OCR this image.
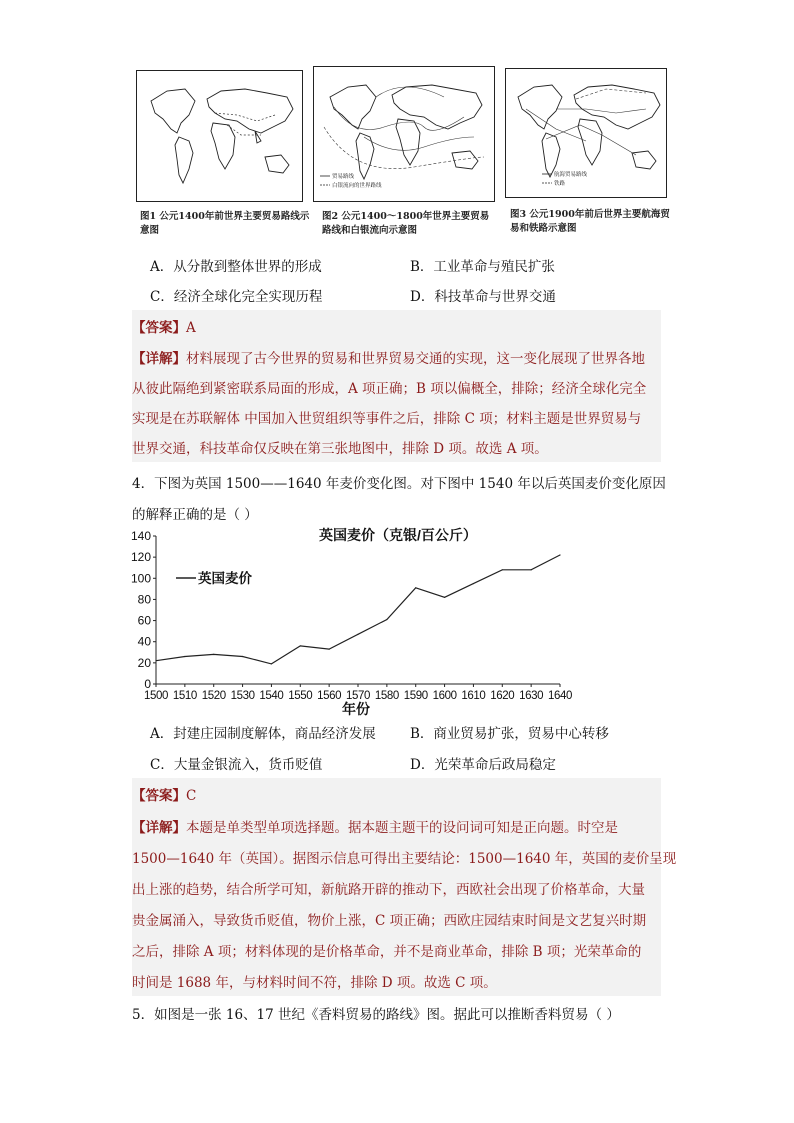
贸易路线
白银流向的世界路线
航海贸易路线
铁路
图1 公元1400年前世界主要贸易路线示意图
图2 公元1400～1800年世界主要贸易路线和白银流向示意图
图3 公元1900年前后世界主要航海贸易和铁路示意图
A．从分散到整体世界的形成	B．工业革命与殖民扩张
C．经济全球化完全实现历程	D．科技革命与世界交通
【答案】A
【详解】材料展现了古今世界的贸易和世界贸易交通的实现，这一变化展现了世界各地
从彼此隔绝到紧密联系局面的形成，A 项正确；B 项以偏概全，排除；经济全球化完全
实现是在苏联解体 中国加入世贸组织等事件之后，排除 C 项；材料主题是世界贸易与
世界交通，科技革命仅反映在第三张地图中，排除 D 项。故选 A 项。
4．下图为英国 1500——1640 年麦价变化图。对下图中 1540 年以后英国麦价变化原因
的解释正确的是（ ）
0
20
40
60
80
100
120
140
1500 1510 1520 1530 1540 1550 1560 1570 1580 1590 1600 1610 1620 1630 1640
英国麦价（克银/百公斤）
年份
英国麦价
A．封建庄园制度解体，商品经济发展	B．商业贸易扩张，贸易中心转移
C．大量金银流入，货币贬值	D．光荣革命后政局稳定
【答案】C
【详解】本题是单类型单项选择题。据本题主题干的设问词可知是正向题。时空是
1500—1640 年（英国）。据图示信息可得出主要结论：1500—1640 年，英国的麦价呈现
出上涨的趋势，结合所学可知，新航路开辟的推动下，西欧社会出现了价格革命，大量
贵金属涌入，导致货币贬值，物价上涨，C 项正确；西欧庄园结束时间是文艺复兴时期
之后，排除 A 项；材料体现的是价格革命，并不是商业革命，排除 B 项；光荣革命的
时间是 1688 年，与材料时间不符，排除 D 项。故选 C 项。
5．如图是一张 16、17 世纪《香料贸易的路线》图。据此可以推断香料贸易（ ）
